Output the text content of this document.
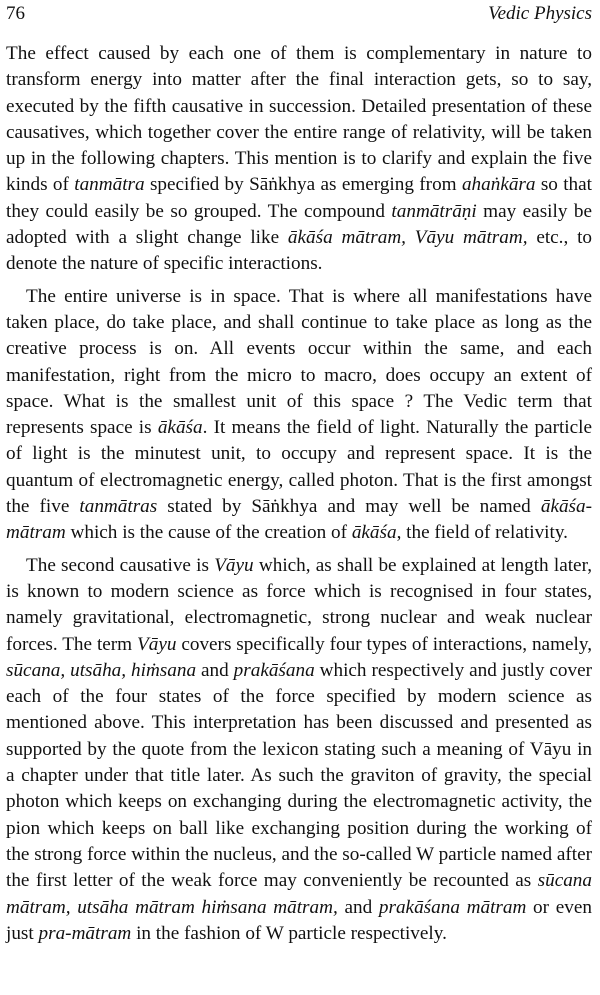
76	Vedic Physics

The effect caused by each one of them is complementary in nature to transform energy into matter after the final interaction gets, so to say, executed by the fifth causative in succession. Detailed presentation of these causatives, which together cover the entire range of relativity, will be taken up in the following chapters. This mention is to clarify and explain the five kinds of tanmātra specified by Sāṅkhya as emerging from ahaṅkāra so that they could easily be so grouped. The compound tanmātrāṇi may easily be adopted with a slight change like ākāśa mātram, Vāyu mātram, etc., to denote the nature of specific interactions.

The entire universe is in space. That is where all manifestations have taken place, do take place, and shall continue to take place as long as the creative process is on. All events occur within the same, and each manifestation, right from the micro to macro, does occupy an extent of space. What is the smallest unit of this space ? The Vedic term that represents space is ākāśa. It means the field of light. Naturally the particle of light is the minutest unit, to occupy and represent space. It is the quantum of electromagnetic energy, called photon. That is the first amongst the five tanmātras stated by Sāṅkhya and may well be named ākāśa-mātram which is the cause of the creation of ākāśa, the field of relativity.

The second causative is Vāyu which, as shall be explained at length later, is known to modern science as force which is recognised in four states, namely gravitational, electromagnetic, strong nuclear and weak nuclear forces. The term Vāyu covers specifically four types of interactions, namely, sūcana, utsāha, hiṁsana and prakāśana which respectively and justly cover each of the four states of the force specified by modern science as mentioned above. This interpretation has been discussed and presented as supported by the quote from the lexicon stating such a meaning of Vāyu in a chapter under that title later. As such the graviton of gravity, the special photon which keeps on exchanging during the electromagnetic activity, the pion which keeps on ball like exchanging position during the working of the strong force within the nucleus, and the so-called W particle named after the first letter of the weak force may conveniently be recounted as sūcana mātram, utsāha mātram hiṁsana mātram, and prakāśana mātram or even just pra-mātram in the fashion of W particle respectively.
